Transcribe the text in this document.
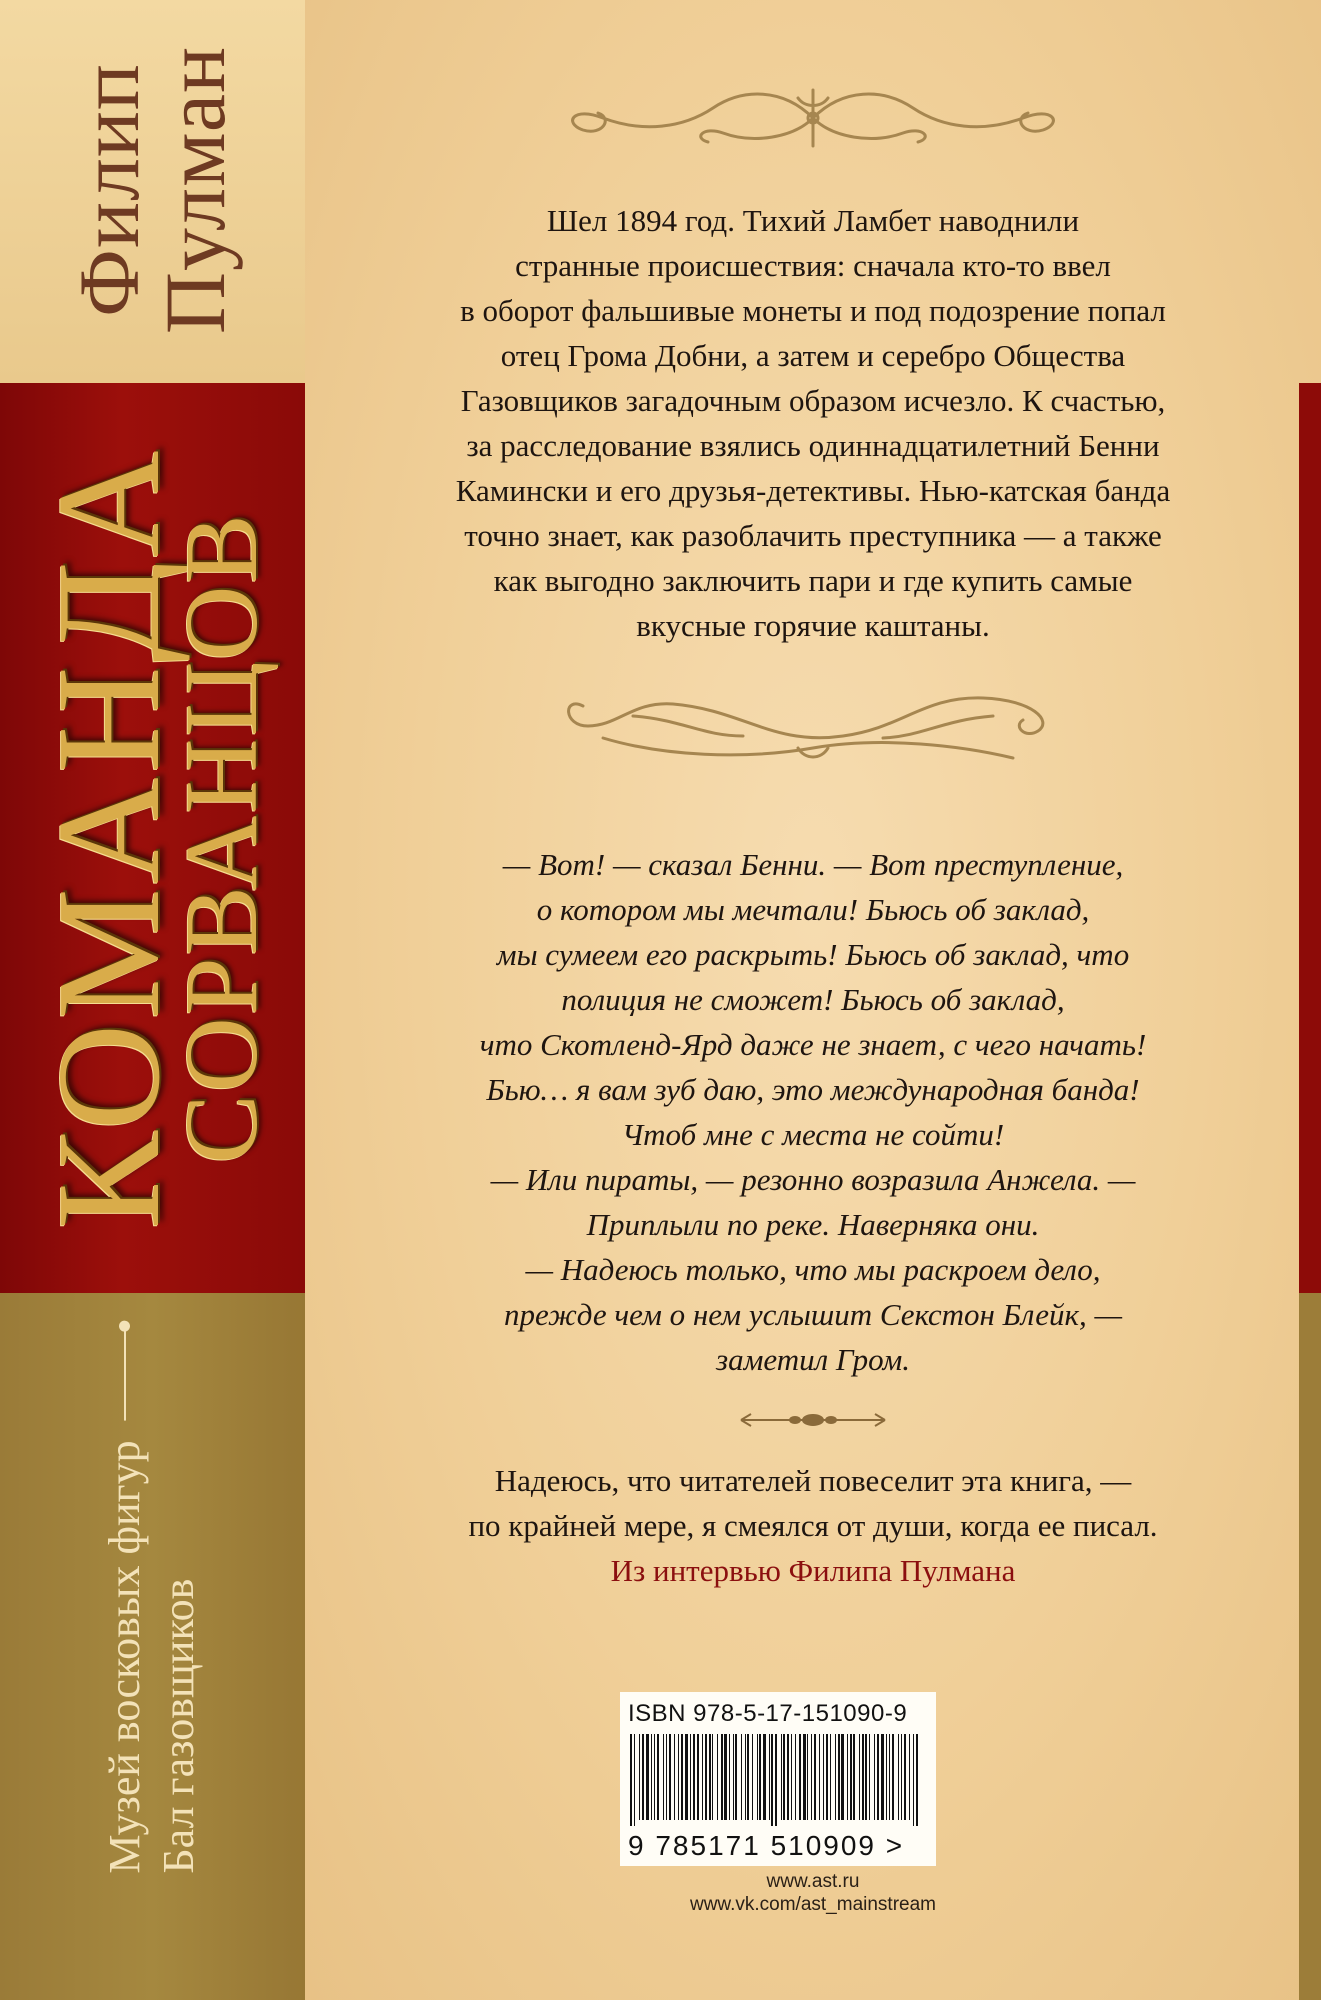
Филип
Пулман
КОМАНДА
СОРВАНЦОВ
Музей восковых фигур Бал газовщиков
Шел 1894 год. Тихий Ламбет наводнили
странные происшествия: сначала кто-то ввел
в оборот фальшивые монеты и под подозрение попал
отец Грома Добни, а затем и серебро Общества
Газовщиков загадочным образом исчезло. К счастью,
за расследование взялись одиннадцатилетний Бенни
Камински и его друзья-детективы. Нью-катская банда
точно знает, как разоблачить преступника — а также
как выгодно заключить пари и где купить самые
вкусные горячие каштаны.
— Вот! — сказал Бенни. — Вот преступление,
о котором мы мечтали! Бьюсь об заклад,
мы сумеем его раскрыть! Бьюсь об заклад, что
полиция не сможет! Бьюсь об заклад,
что Скотленд-Ярд даже не знает, с чего начать!
Бью… я вам зуб даю, это международная банда!
Чтоб мне с места не сойти!
— Или пираты, — резонно возразила Анжела. —
Приплыли по реке. Наверняка они.
— Надеюсь только, что мы раскроем дело,
прежде чем о нем услышит Секстон Блейк, —
заметил Гром.
Надеюсь, что читателей повеселит эта книга, —
по крайней мере, я смеялся от души, когда ее писал.
Из интервью Филипа Пулмана
ISBN 978-5-17-151090-9
9 785171 510909 >
www.ast.ru
www.vk.com/ast_mainstream
